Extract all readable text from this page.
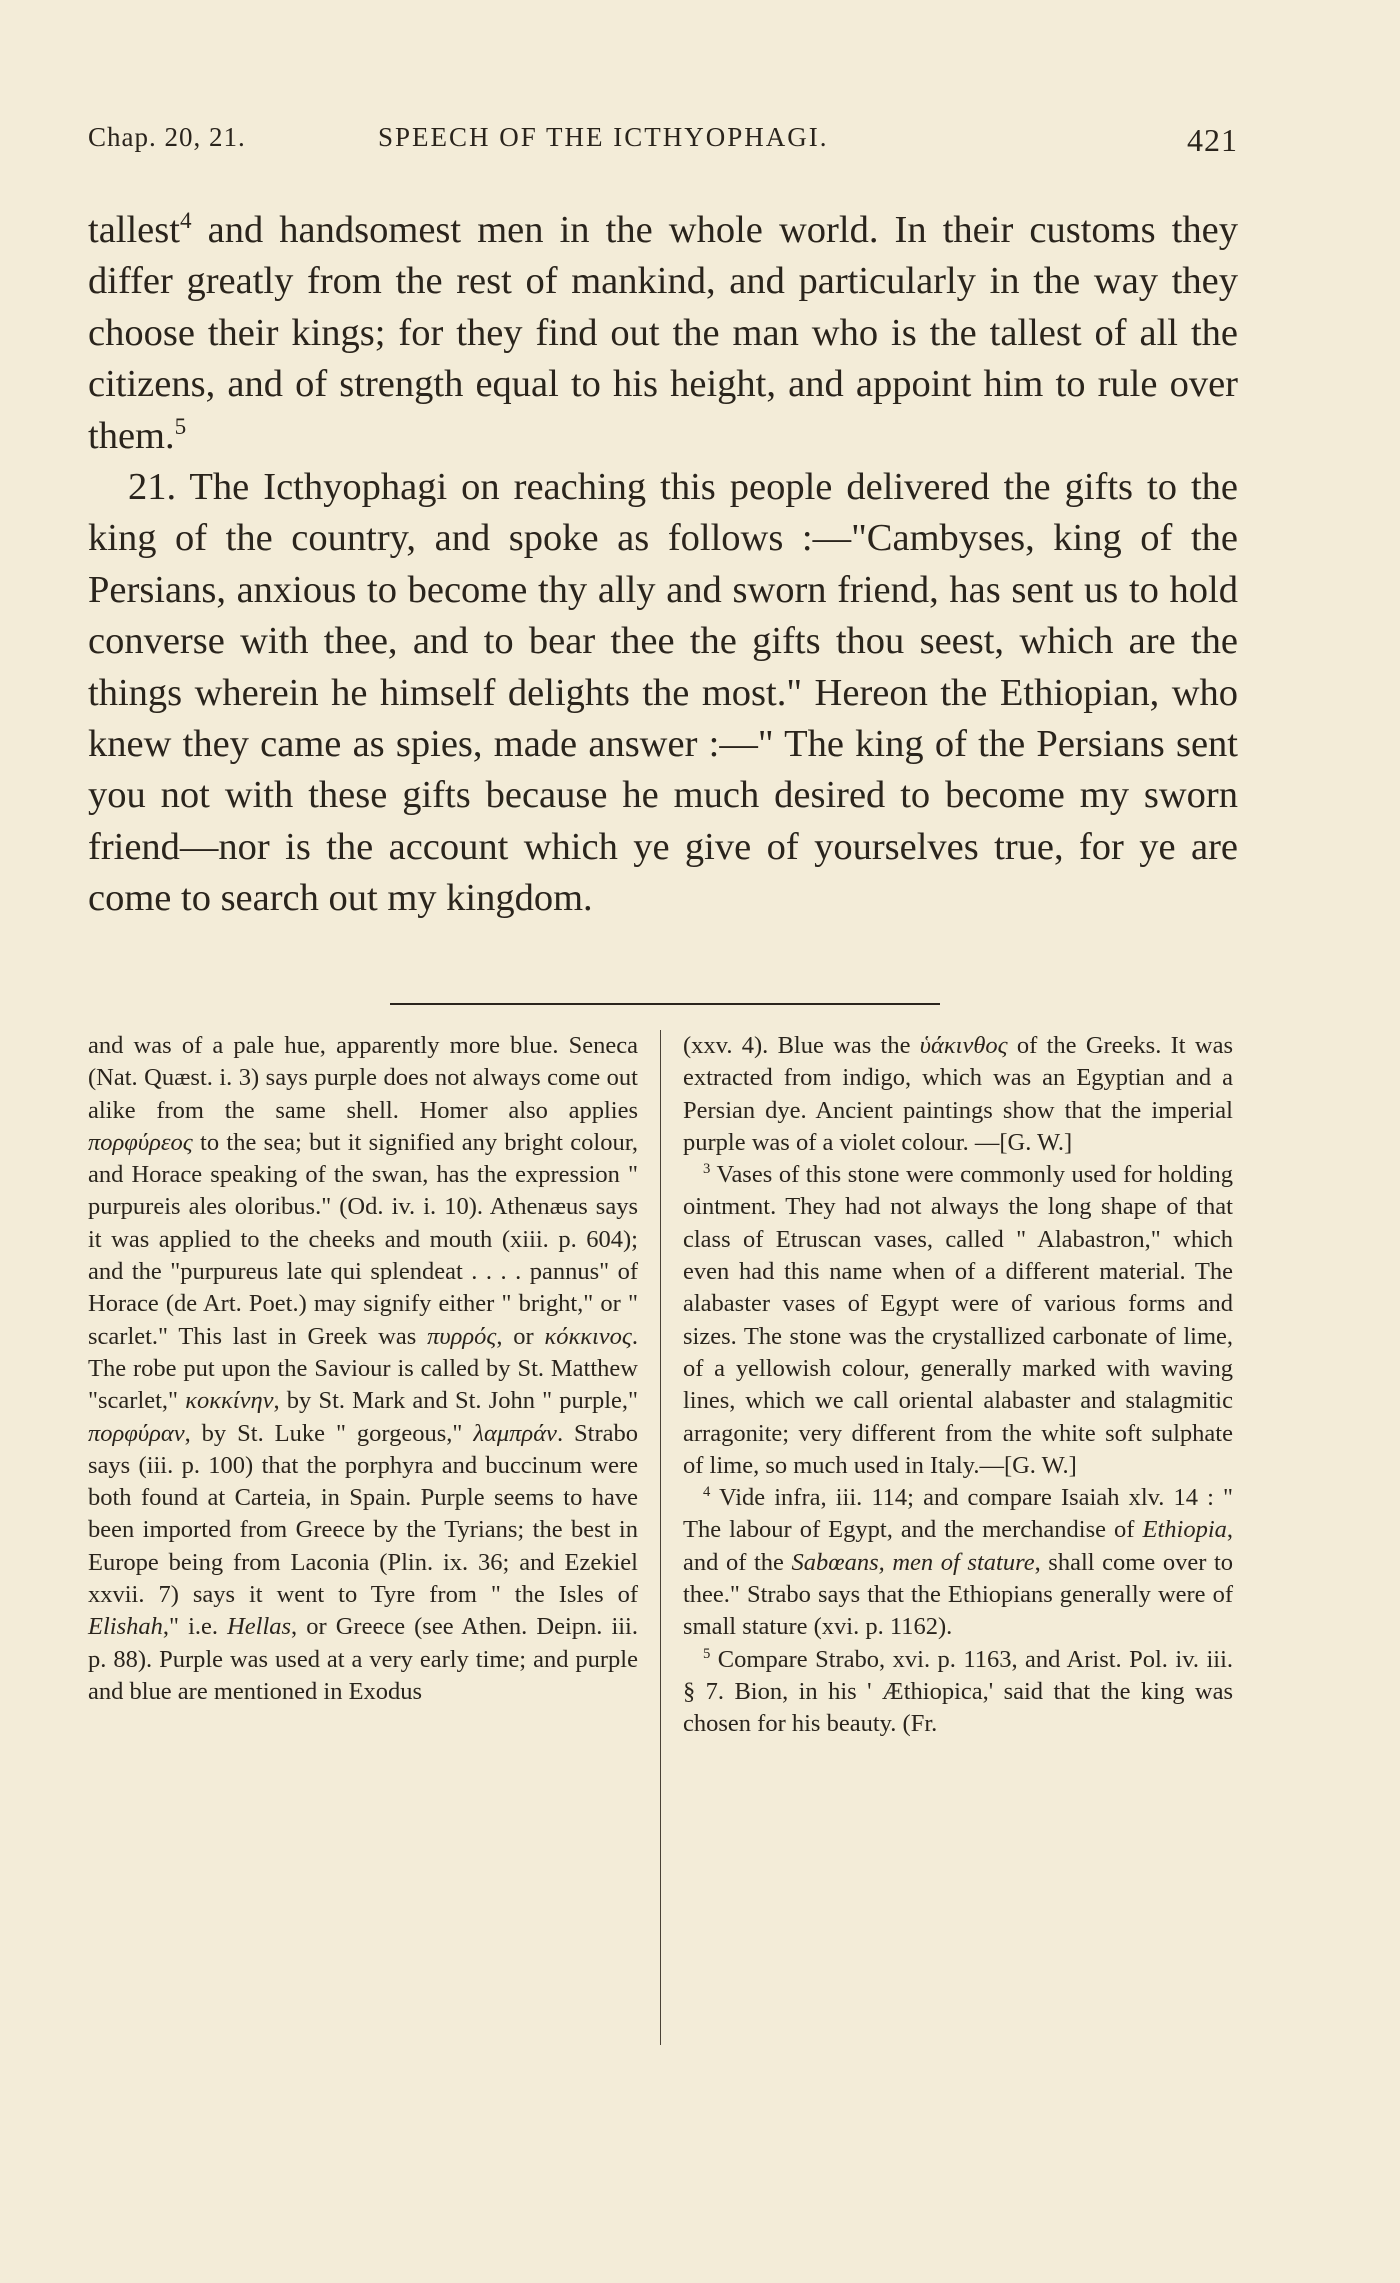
Chap. 20, 21.	SPEECH OF THE ICTHYOPHAGI.	421

tallest$^4$ and handsomest men in the whole world. In their customs they differ greatly from the rest of mankind, and particularly in the way they choose their kings; for they find out the man who is the tallest of all the citizens, and of strength equal to his height, and appoint him to rule over them.$^5$

21. The Icthyophagi on reaching this people delivered the gifts to the king of the country, and spoke as follows :—"Cambyses, king of the Persians, anxious to become thy ally and sworn friend, has sent us to hold converse with thee, and to bear thee the gifts thou seest, which are the things wherein he himself delights the most." Hereon the Ethiopian, who knew they came as spies, made answer :—" The king of the Persians sent you not with these gifts because he much desired to become my sworn friend—nor is the account which ye give of yourselves true, for ye are come to search out my kingdom.

and was of a pale hue, apparently more blue. Seneca (Nat. Quæst. i. 3) says purple does not always come out alike from the same shell. Homer also applies πορφύρεος to the sea; but it signified any bright colour, and Horace speaking of the swan, has the expression " purpureis ales oloribus." (Od. iv. i. 10). Athenæus says it was applied to the cheeks and mouth (xiii. p. 604); and the "purpureus late qui splendeat . . . . pannus" of Horace (de Art. Poet.) may signify either " bright," or " scarlet." This last in Greek was πυρρός, or κόκκινος. The robe put upon the Saviour is called by St. Matthew "scarlet," κοκκίνην, by St. Mark and St. John " purple," πορφύραν, by St. Luke " gorgeous," λαμπράν. Strabo says (iii. p. 100) that the porphyra and buccinum were both found at Carteia, in Spain. Purple seems to have been imported from Greece by the Tyrians; the best in Europe being from Laconia (Plin. ix. 36; and Ezekiel xxvii. 7) says it went to Tyre from " the Isles of Elishah," i.e. Hellas, or Greece (see Athen. Deipn. iii. p. 88). Purple was used at a very early time; and purple and blue are mentioned in Exodus

(xxv. 4). Blue was the ὑάκινθος of the Greeks. It was extracted from indigo, which was an Egyptian and a Persian dye. Ancient paintings show that the imperial purple was of a violet colour. —[G. W.]

$^3$ Vases of this stone were commonly used for holding ointment. They had not always the long shape of that class of Etruscan vases, called " Alabastron," which even had this name when of a different material. The alabaster vases of Egypt were of various forms and sizes. The stone was the crystallized carbonate of lime, of a yellowish colour, generally marked with waving lines, which we call oriental alabaster and stalagmitic arragonite; very different from the white soft sulphate of lime, so much used in Italy.—[G. W.]

$^4$ Vide infra, iii. 114; and compare Isaiah xlv. 14 : " The labour of Egypt, and the merchandise of Ethiopia, and of the Sabœans, men of stature, shall come over to thee." Strabo says that the Ethiopians generally were of small stature (xvi. p. 1162).

$^5$ Compare Strabo, xvi. p. 1163, and Arist. Pol. iv. iii. § 7. Bion, in his ' Æthiopica,' said that the king was chosen for his beauty. (Fr.
